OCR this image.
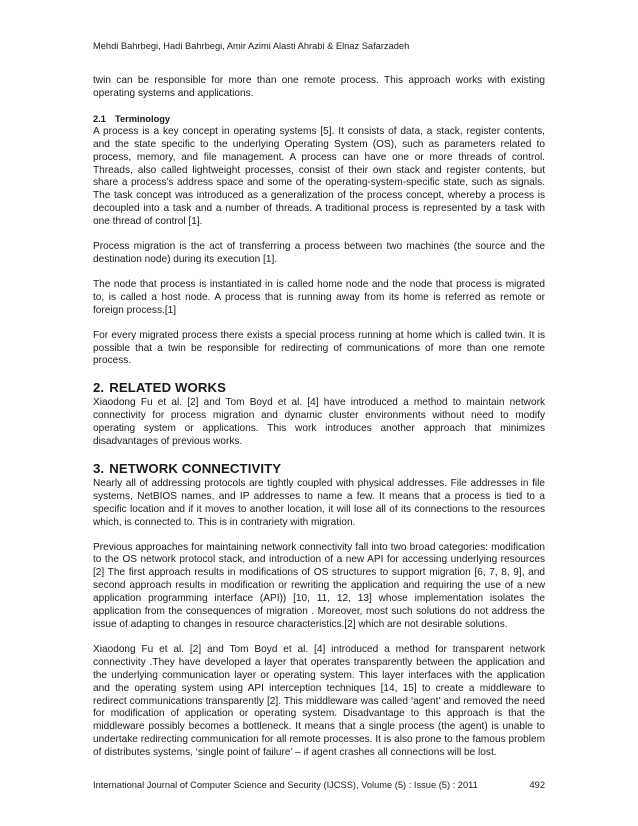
Mehdi Bahrbegi, Hadi Bahrbegi, Amir Azimi Alasti Ahrabi & Elnaz Safarzadeh

twin can be responsible for more than one remote process. This approach works with existing operating systems and applications.

2.1 Terminology

A process is a key concept in operating systems [5]. It consists of data, a stack, register contents, and the state specific to the underlying Operating System (OS), such as parameters related to process, memory, and file management. A process can have one or more threads of control. Threads, also called lightweight processes, consist of their own stack and register contents, but share a process’s address space and some of the operating-system-specific state, such as signals. The task concept was introduced as a generalization of the process concept, whereby a process is decoupled into a task and a number of threads. A traditional process is represented by a task with one thread of control [1].

Process migration is the act of transferring a process between two machines (the source and the destination node) during its execution [1].

The node that process is instantiated in is called home node and the node that process is migrated to, is called a host node. A process that is running away from its home is referred as remote or foreign process.[1]

For every migrated process there exists a special process running at home which is called twin. It is possible that a twin be responsible for redirecting of communications of more than one remote process.

2. RELATED WORKS

Xiaodong Fu et al. [2] and Tom Boyd et al. [4] have introduced a method to maintain network connectivity for process migration and dynamic cluster environments without need to modify operating system or applications. This work introduces another approach that minimizes disadvantages of previous works.

3. NETWORK CONNECTIVITY

Nearly all of addressing protocols are tightly coupled with physical addresses. File addresses in file systems, NetBIOS names, and IP addresses to name a few. It means that a process is tied to a specific location and if it moves to another location, it will lose all of its connections to the resources which, is connected to. This is in contrariety with migration.

Previous approaches for maintaining network connectivity fall into two broad categories: modification to the OS network protocol stack, and introduction of a new API for accessing underlying resources [2] The first approach results in modifications of OS structures to support migration [6, 7, 8, 9], and second approach results in modification or rewriting the application and requiring the use of a new application programming interface (API)) [10, 11, 12, 13] whose implementation isolates the application from the consequences of migration . Moreover, most such solutions do not address the issue of adapting to changes in resource characteristics.[2] which are not desirable solutions.

Xiaodong Fu et al. [2] and Tom Boyd et al. [4] introduced a method for transparent network connectivity .They have developed a layer that operates transparently between the application and the underlying communication layer or operating system. This layer interfaces with the application and the operating system using API interception techniques [14, 15] to create a middleware to redirect communications transparently [2]. This middleware was called ‘agent’ and removed the need for modification of application or operating system. Disadvantage to this approach is that the middleware possibly becomes a bottleneck. It means that a single process (the agent) is unable to undertake redirecting communication for all remote processes. It is also prone to the famous problem of distributes systems, ‘single point of failure’ – if agent crashes all connections will be lost.

International Journal of Computer Science and Security (IJCSS), Volume (5) : Issue (5) : 2011	492
